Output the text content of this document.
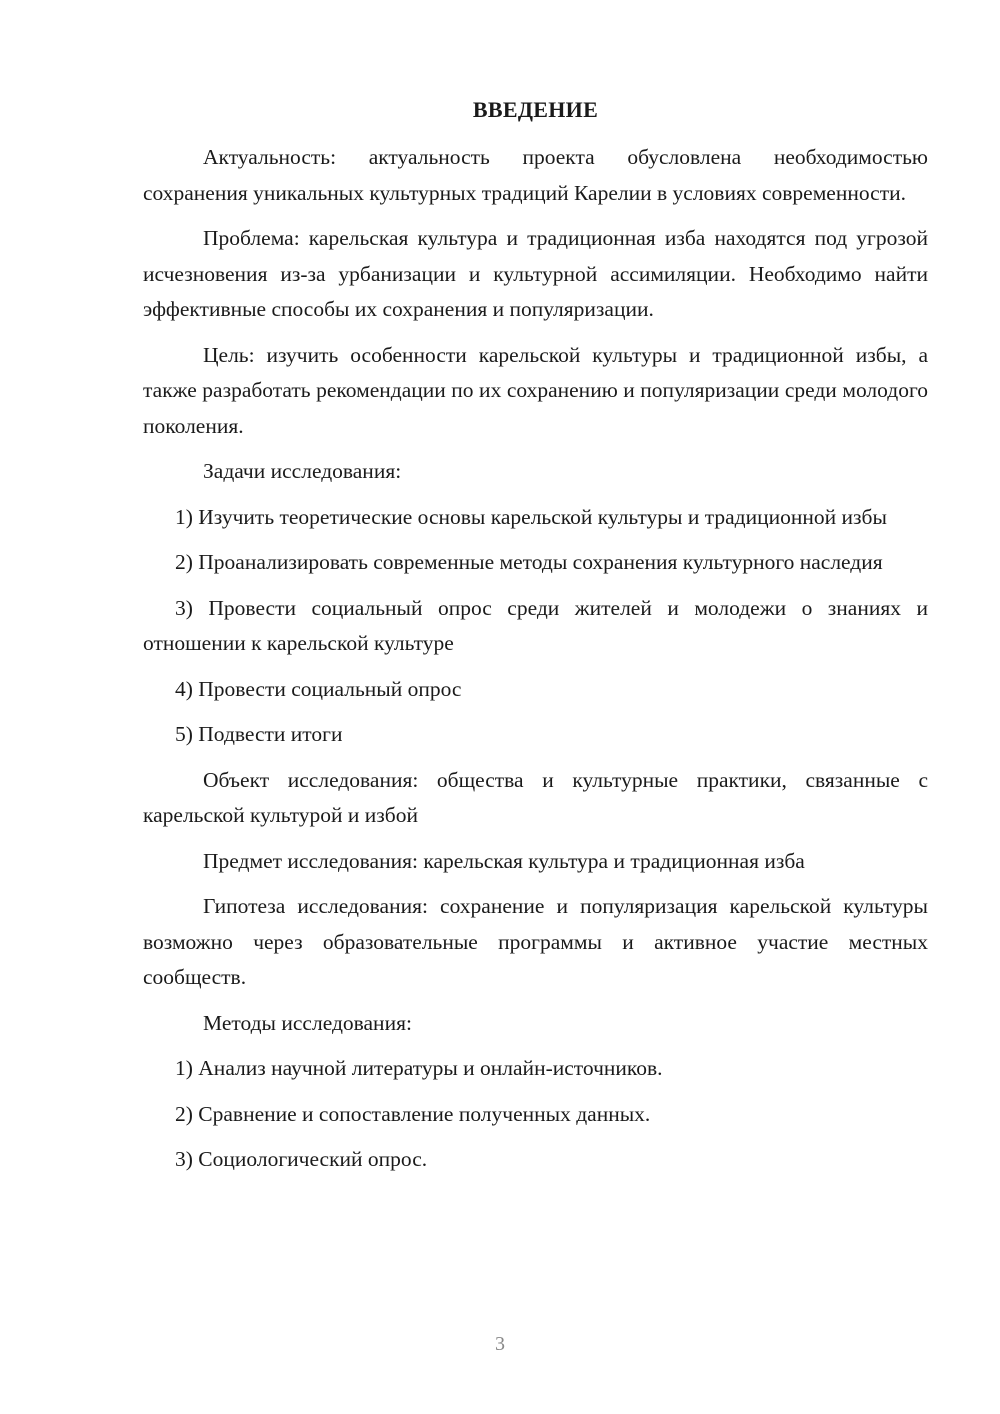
ВВЕДЕНИЕ

Актуальность: актуальность проекта обусловлена необходимостью сохранения уникальных культурных традиций Карелии в условиях современности.

Проблема: карельская культура и традиционная изба находятся под угрозой исчезновения из-за урбанизации и культурной ассимиляции. Необходимо найти эффективные способы их сохранения и популяризации.

Цель: изучить особенности карельской культуры и традиционной избы, а также разработать рекомендации по их сохранению и популяризации среди молодого поколения.

Задачи исследования:

1) Изучить теоретические основы карельской культуры и традиционной избы

2) Проанализировать современные методы сохранения культурного наследия

3) Провести социальный опрос среди жителей и молодежи о знаниях и отношении к карельской культуре

4) Провести социальный опрос

5) Подвести итоги

Объект исследования: общества и культурные практики, связанные с карельской культурой и избой

Предмет исследования: карельская культура и традиционная изба

Гипотеза исследования: сохранение и популяризация карельской культуры возможно через образовательные программы и активное участие местных сообществ.

Методы исследования:

1) Анализ научной литературы и онлайн-источников.

2) Сравнение и сопоставление полученных данных.

3) Социологический опрос.

3
